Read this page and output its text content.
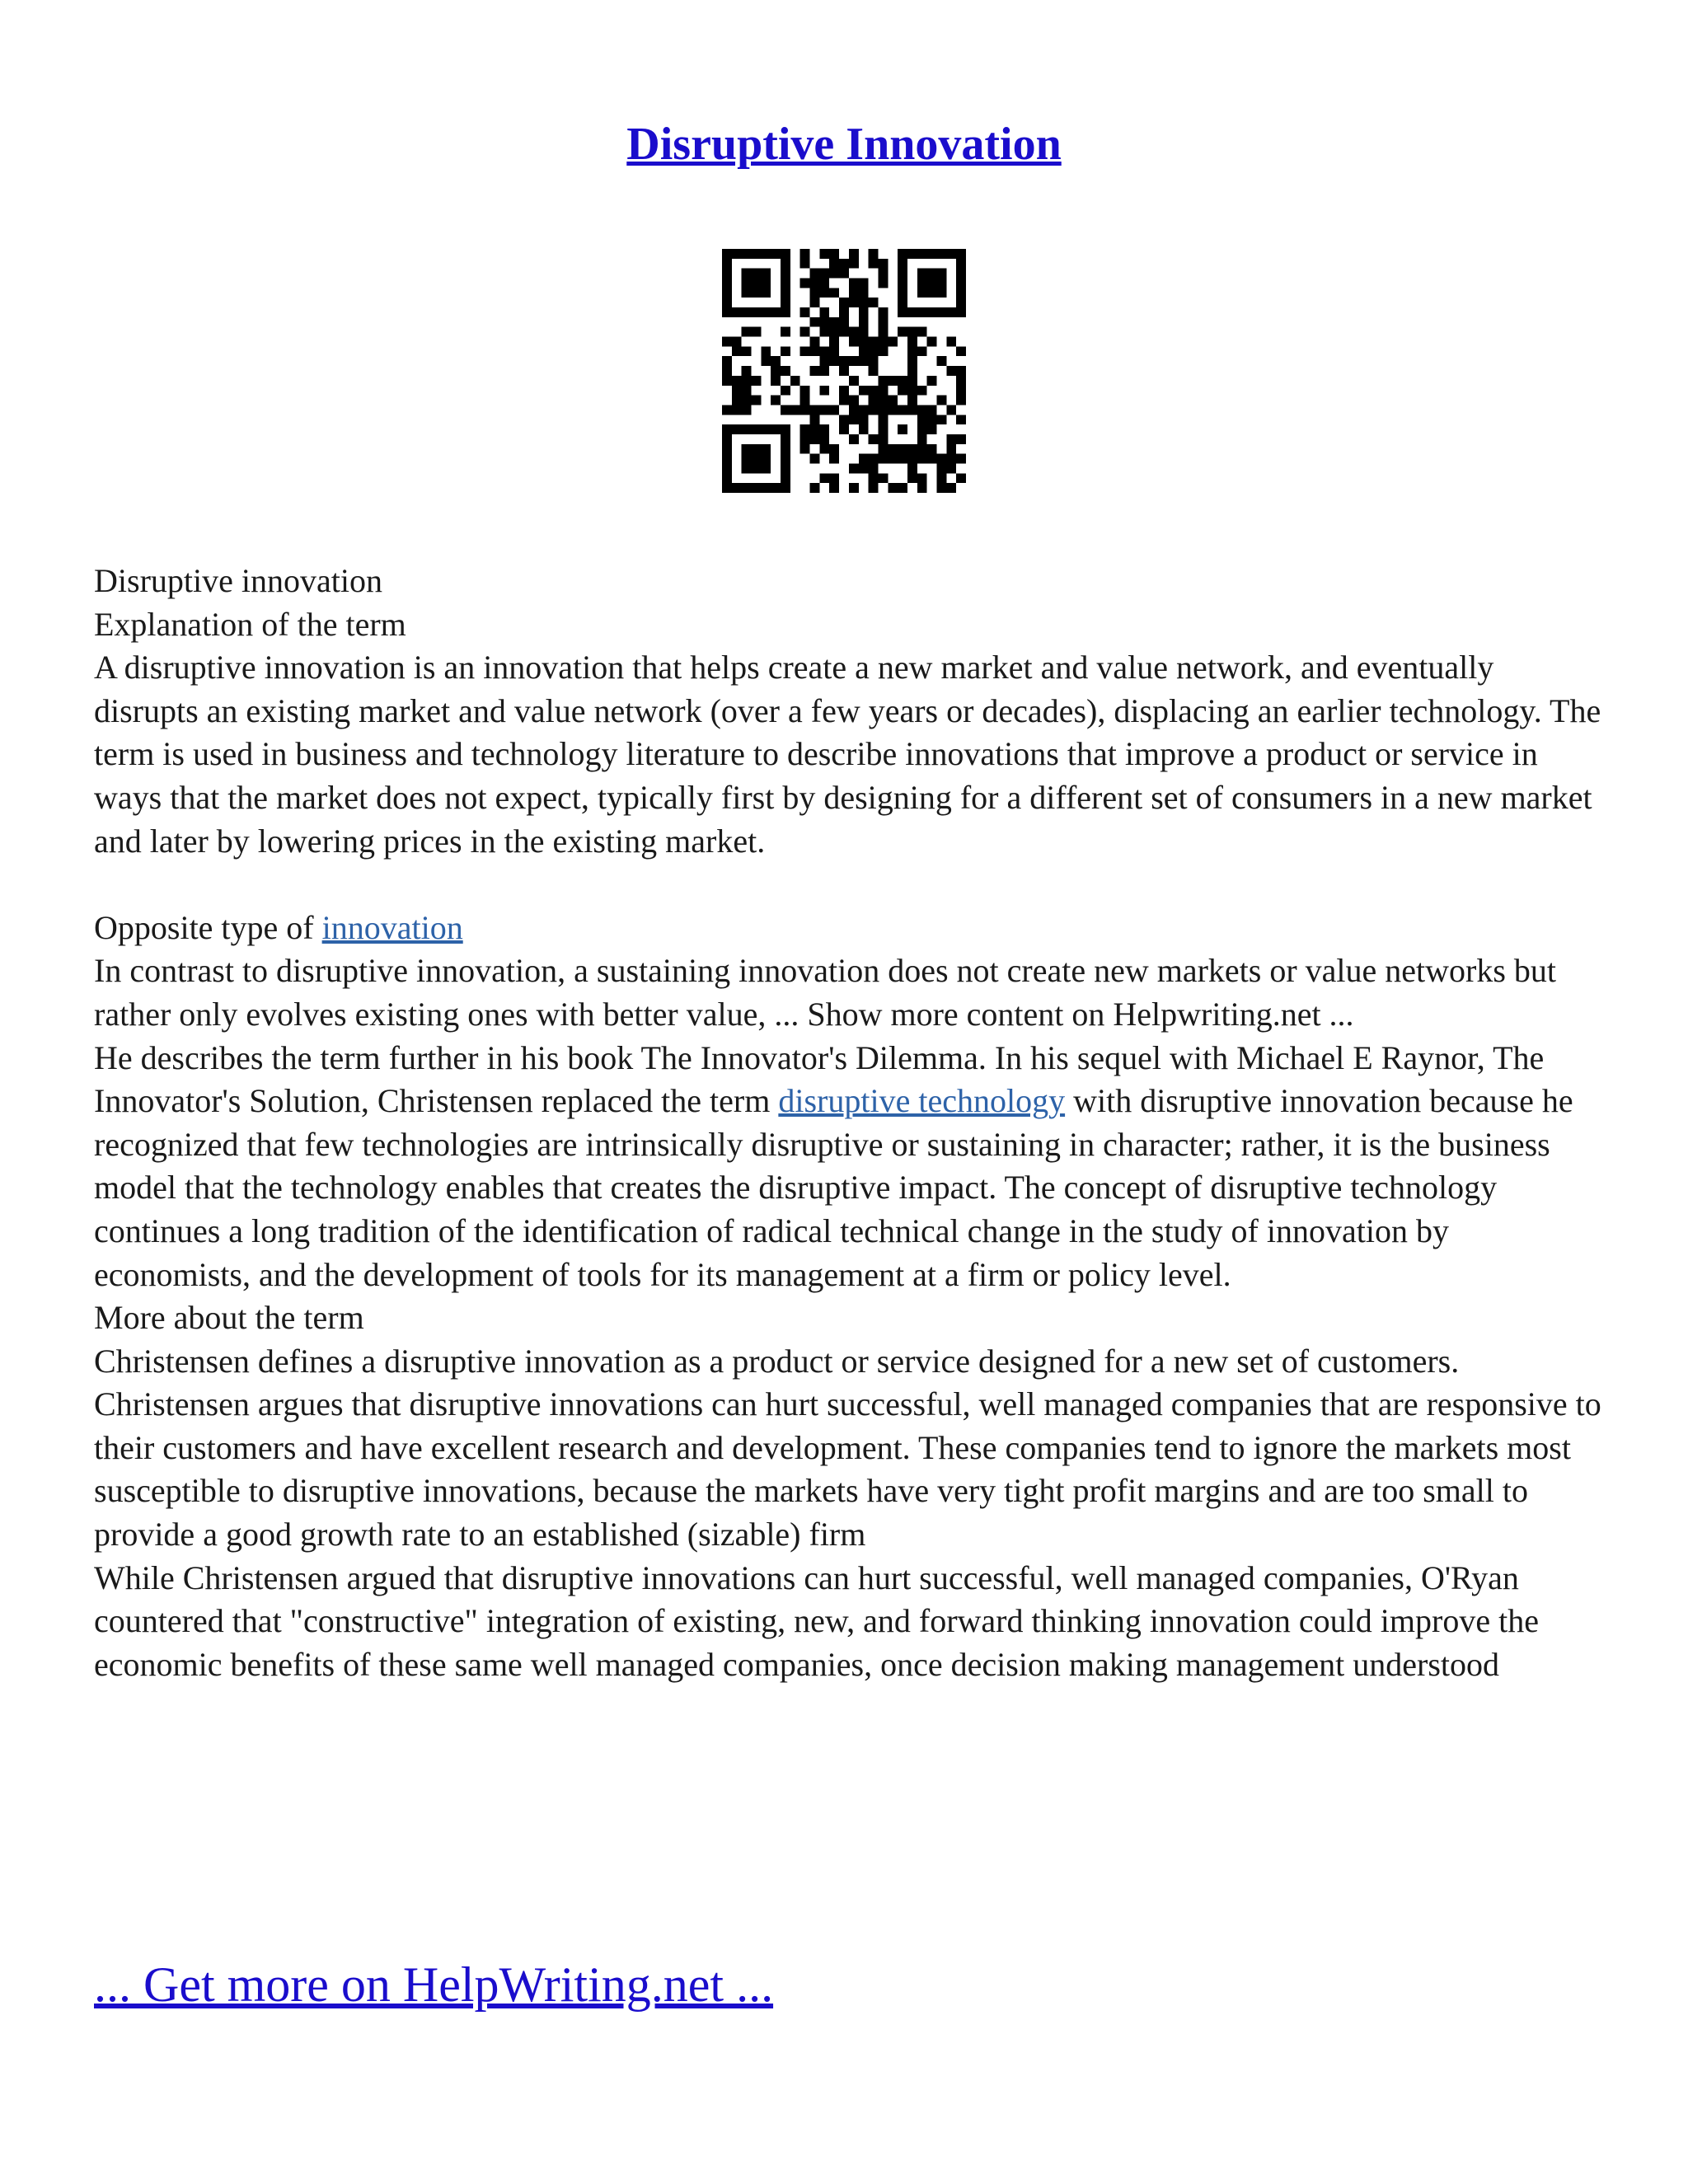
Disruptive Innovation

Disruptive innovation

Explanation of the term

A disruptive innovation is an innovation that helps create a new market and value network, and eventually disrupts an existing market and value network (over a few years or decades), displacing an earlier technology. The term is used in business and technology literature to describe innovations that improve a product or service in ways that the market does not expect, typically first by designing for a different set of consumers in a new market and later by lowering prices in the existing market.

Opposite type of innovation

In contrast to disruptive innovation, a sustaining innovation does not create new markets or value networks but rather only evolves existing ones with better value, ... Show more content on Helpwriting.net ...

He describes the term further in his book The Innovator's Dilemma. In his sequel with Michael E Raynor, The Innovator's Solution, Christensen replaced the term disruptive technology with disruptive innovation because he recognized that few technologies are intrinsically disruptive or sustaining in character; rather, it is the business model that the technology enables that creates the disruptive impact. The concept of disruptive technology continues a long tradition of the identification of radical technical change in the study of innovation by economists, and the development of tools for its management at a firm or policy level.

More about the term

Christensen defines a disruptive innovation as a product or service designed for a new set of customers.

Christensen argues that disruptive innovations can hurt successful, well managed companies that are responsive to their customers and have excellent research and development. These companies tend to ignore the markets most susceptible to disruptive innovations, because the markets have very tight profit margins and are too small to provide a good growth rate to an established (sizable) firm

While Christensen argued that disruptive innovations can hurt successful, well managed companies, O'Ryan countered that "constructive" integration of existing, new, and forward thinking innovation could improve the economic benefits of these same well managed companies, once decision making management understood

... Get more on HelpWriting.net ...
